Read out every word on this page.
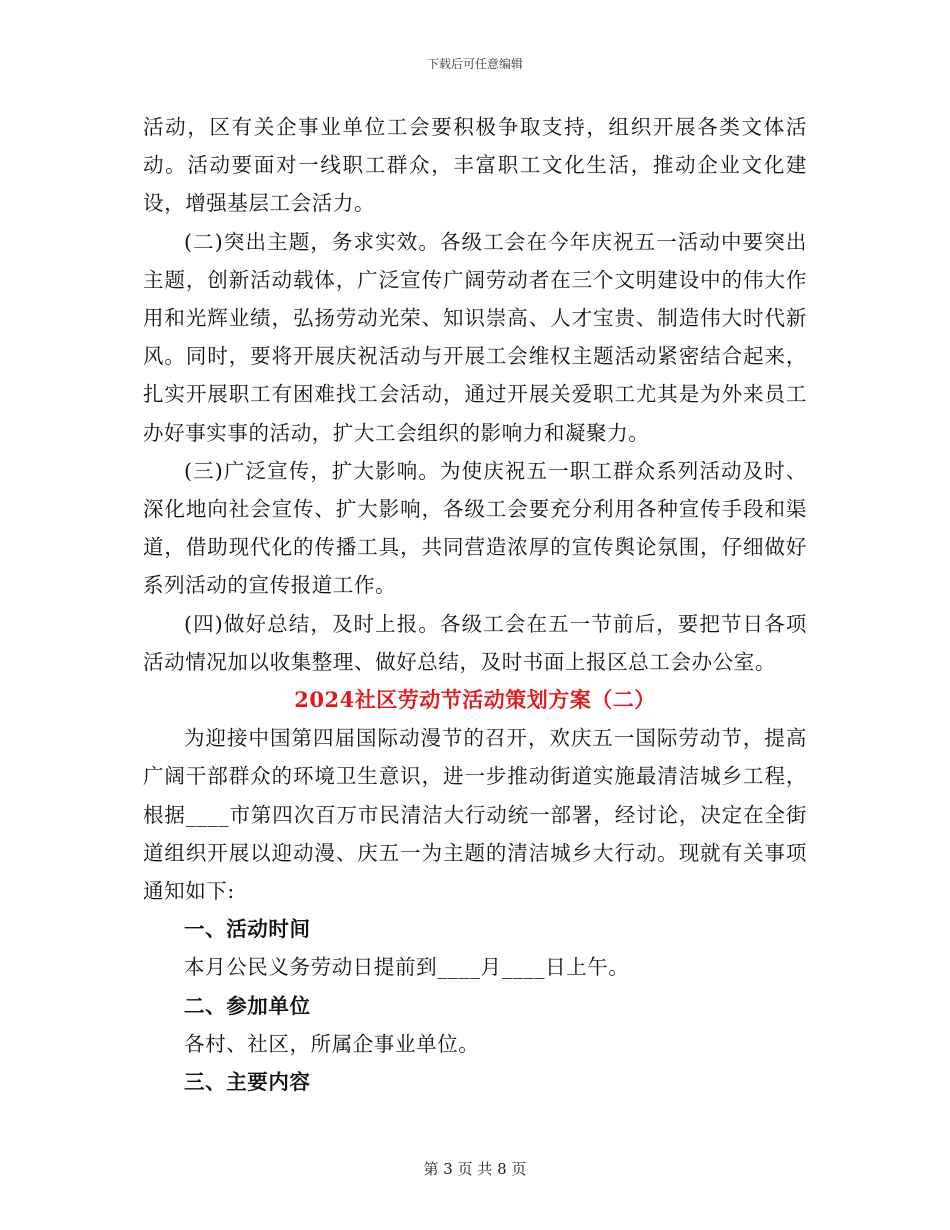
下载后可任意编辑

活动，区有关企事业单位工会要积极争取支持，组织开展各类文体活动。活动要面对一线职工群众，丰富职工文化生活，推动企业文化建设，增强基层工会活力。

(二)突出主题，务求实效。各级工会在今年庆祝五一活动中要突出主题，创新活动载体，广泛宣传广阔劳动者在三个文明建设中的伟大作用和光辉业绩，弘扬劳动光荣、知识崇高、人才宝贵、制造伟大时代新风。同时，要将开展庆祝活动与开展工会维权主题活动紧密结合起来，扎实开展职工有困难找工会活动，通过开展关爱职工尤其是为外来员工办好事实事的活动，扩大工会组织的影响力和凝聚力。

(三)广泛宣传，扩大影响。为使庆祝五一职工群众系列活动及时、深化地向社会宣传、扩大影响，各级工会要充分利用各种宣传手段和渠道，借助现代化的传播工具，共同营造浓厚的宣传舆论氛围，仔细做好系列活动的宣传报道工作。

(四)做好总结，及时上报。各级工会在五一节前后，要把节日各项活动情况加以收集整理、做好总结，及时书面上报区总工会办公室。

2024社区劳动节活动策划方案（二）

为迎接中国第四届国际动漫节的召开，欢庆五一国际劳动节，提高广阔干部群众的环境卫生意识，进一步推动街道实施最清洁城乡工程，根据____市第四次百万市民清洁大行动统一部署，经讨论，决定在全街道组织开展以迎动漫、庆五一为主题的清洁城乡大行动。现就有关事项通知如下:

一、活动时间

本月公民义务劳动日提前到____月____日上午。

二、参加单位

各村、社区，所属企事业单位。

三、主要内容

第 3 页 共 8 页
